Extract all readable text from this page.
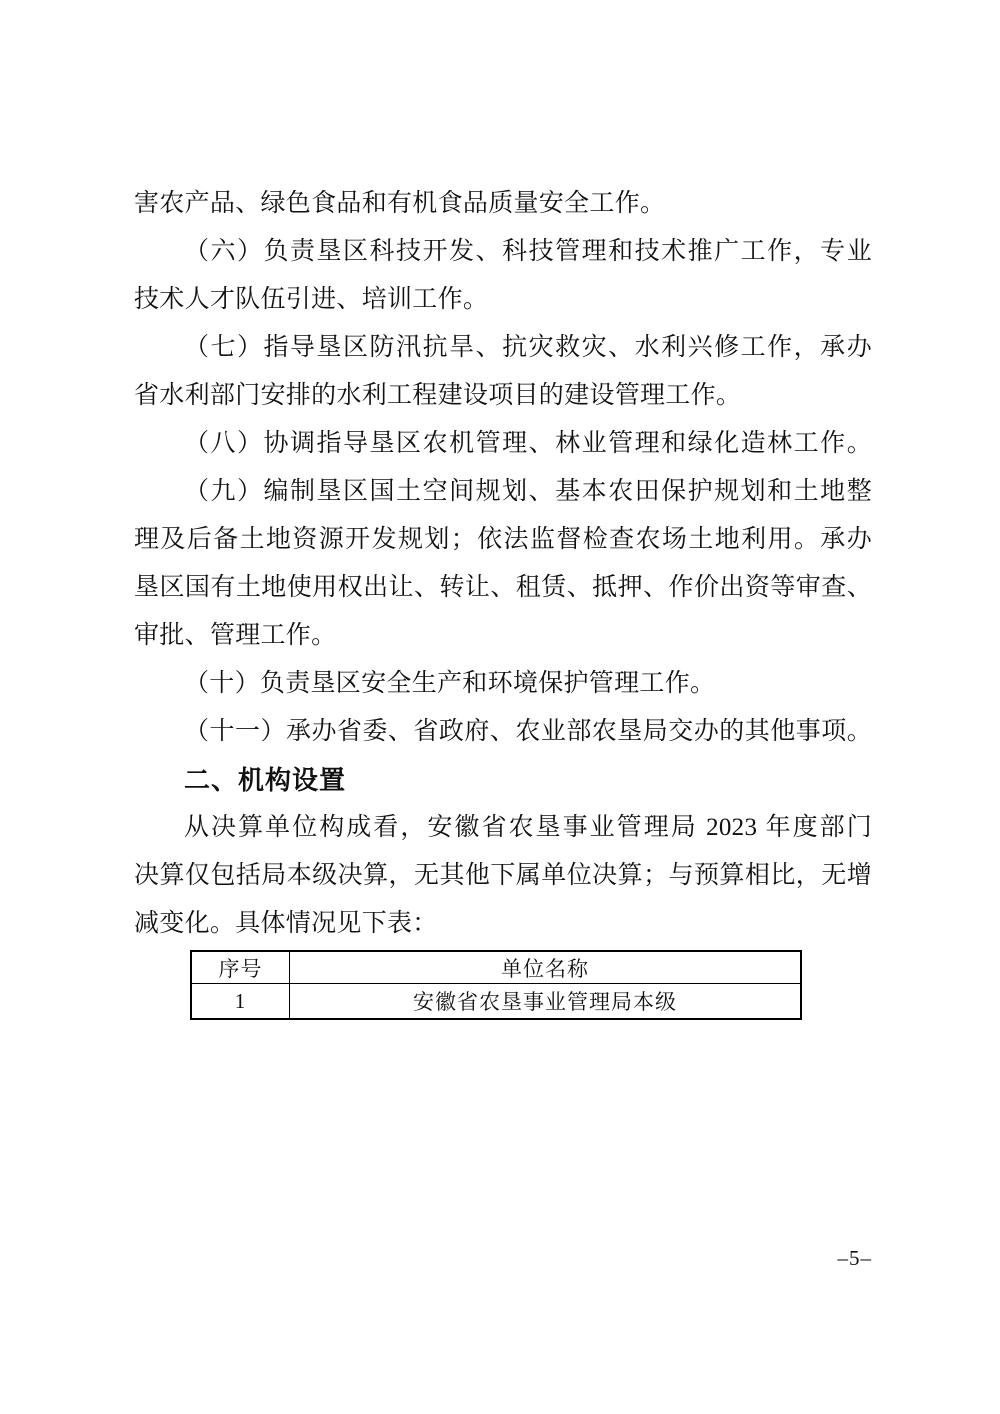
害农产品、绿色食品和有机食品质量安全工作。
（六）负责垦区科技开发、科技管理和技术推广工作，专业
技术人才队伍引进、培训工作。
（七）指导垦区防汛抗旱、抗灾救灾、水利兴修工作，承办
省水利部门安排的水利工程建设项目的建设管理工作。
（八）协调指导垦区农机管理、林业管理和绿化造林工作。
（九）编制垦区国土空间规划、基本农田保护规划和土地整
理及后备土地资源开发规划；依法监督检查农场土地利用。承办
垦区国有土地使用权出让、转让、租赁、抵押、作价出资等审查、
审批、管理工作。
（十）负责垦区安全生产和环境保护管理工作。
（十一）承办省委、省政府、农业部农垦局交办的其他事项。
二、机构设置
从决算单位构成看，安徽省农垦事业管理局 2023 年度部门
决算仅包括局本级决算，无其他下属单位决算；与预算相比，无增
减变化。具体情况见下表：
序号	单位名称
1	安徽省农垦事业管理局本级
–5–
